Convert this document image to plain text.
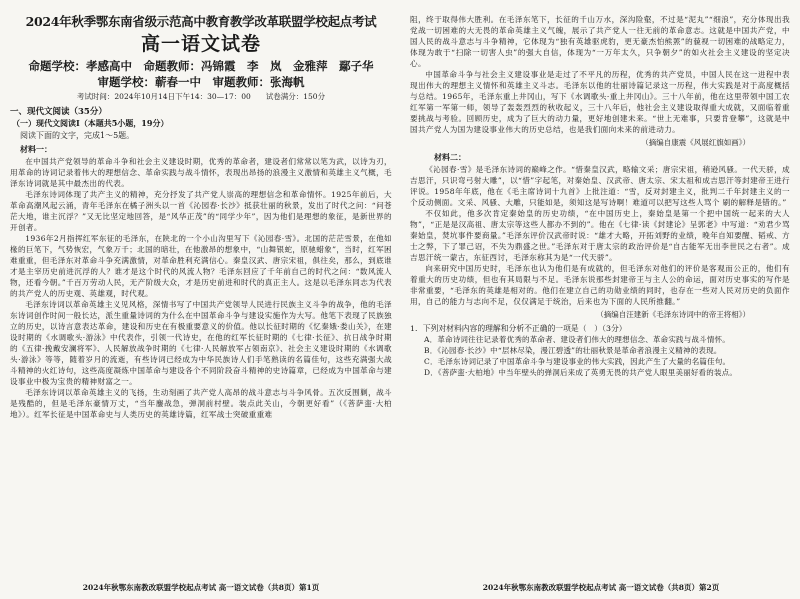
2024年秋季鄂东南省级示范高中教育教学改革联盟学校起点考试
高一语文试卷
命题学校：孝感高中　命题教师：冯锦霞　李　岚　金雅萍　鄢子华
审题学校：蕲春一中　审题教师：张海帆
考试时间：2024年10月14日下午14：30—17：00　　试卷满分：150分
一、现代文阅读（35分）
（一）现代文阅读Ⅰ（本题共5小题，19分）
阅读下面的文字，完成1～5题。
材料一：

在中国共产党领导的革命斗争和社会主义建设时期，优秀的革命者，建设者们常常以笔为武，以诗为刃，用革命的诗词记录着伟大的理想信念、革命实践与战斗情怀，表现出昂扬的浪漫主义激情和英雄主义气概，毛泽东诗词就是其中最杰出的代表。

毛泽东诗词体现了共产主义的精神，充分抒发了共产党人崇高的理想信念和革命情怀。1925年前后，大革命高潮风起云涌，青年毛泽东在橘子洲头以一首《沁园春·长沙》抵获壮丽的秋景，发出了时代之问：“问苍茫大地，谁主沉浮？”又无比坚定地回答，是“风华正茂”的“同学少年”，因为他们是理想的象征，是新世界的开创者。

1936年2月指挥红军东征的毛泽东，在陕北的一个小山沟里写下《沁园春·雪》。北国的茫茫雪景，在他如椽的巨笔下，气势恢宏，气象万千；北国的暗壮，在他激昂的想象中，“山舞银蛇，原驰蜡象”，当时，红军困难重重，但毛泽东对革命斗争充满激情，对革命胜利充满信心。秦皇汉武、唐宗宋祖，俱往矣，那么，到底谁才是主宰历史前进沉浮的人？谁才是这个时代的风流人物？毛泽东回应了千年前自己的时代之问：“数风流人物，还看今朝。”千百万劳动人民，无产阶级大众，才是历史前进和时代的真正主人。这是以毛泽东同志为代表的共产党人的历史观、英雄观，时代观。

毛泽东诗词以革命英雄主义见风格，深情书写了中国共产党领导人民进行民族主义斗争的战争，他的毛泽东诗词创作时间一般长达，派生重量诗词的为什么在中国革命斗争与建设实施作为大写。他笔下表现了民族独立的历史，以诗言意表达革命，建设和历史在有极重要意义的价值。他以长征时期的《忆秦娥·娄山关》，在建设时期的《水调歌头·游泳》中代表作，引领一代诗史，在他的红军长征时期的《七律·长征》、抗日战争时期的《五律·挽戴安澜将军》、人民解放战争时期的《七律·人民解放军占领南京》、社会主义建设时期的《水调歌头·游泳》等等，随着岁月的流逝，有些诗词已经成为中华民族诗人们手笔熟读的名篇佳句，这些充满强大战斗精神的火红诗句，这些高度凝炼中国革命与建设各个不同阶段奋斗精神的史诗篇章，已经成为中国革命与建设事业中极为宝贵的精神财富之一。

毛泽东诗词以革命英雄主义的飞扬，生动刻画了共产党人高昂的战斗意志与斗争风骨。五次反围剿，战斗是残酷的，但是毛泽东豪情万丈，“当年鏖战急，弹洞前村壁。装点此关山，今朝更好看”（《菩萨蛮·大柏地》）。红军长征是中国革命史与人类历史的英雄诗篇，红军战士突破重重难

2024年秋鄂东南教改联盟学校起点考试 高一语文试卷（共8页）第1页

阻，终于取得伟大胜利。在毛泽东笔下，长征的千山万水，深沟险壑，不过是“泥丸”“细浪”，充分体现出我党战一切困难的大无畏的革命英雄主义气魄，展示了共产党人一往无前的革命意志。这就是中国共产党，中国人民的战斗意志与斗争精神，它体现为“独有英雄驱虎豹，更无豪杰怕熊罴”的藐视一切困难的战略定力，体现为敢于“扫除一切害人虫”的强大自信，体现为“一万年太久，只争朝夕”的如火社会主义建设的坚定决心。

中国革命斗争与社会主义建设事业是走过了不平凡的历程，优秀的共产党员，中国人民在这一进程中表现出伟大的理想主义情怀和英雄主义斗志。毛泽东以他的壮丽诗篇记录这一历程，伟大实践是对于高度概括与总结。1965年，毛泽东重上井冈山，写下《水调歌头·重上井冈山》。三十八年前，他在这里带领中国工农红军第一军第一师，领导了轰轰烈烈的秋收起义，三十八年后，他社会主义建设取得重大成就，又面临着重要挑战与考验。回顾历史，成为了巨大的动力量，更好地创建未来。“世上无难事，只要肯登攀”，这就是中国共产党人为国为建设事业伟大的历史总结，也是我们面向未来的前进动力。

（摘编自康震《风展红旗如画》）
材料二：

《沁园春·雪》是毛泽东诗词的巅峰之作。“惜秦皇汉武，略输文采；唐宗宋祖，稍逊风骚。一代天骄，成吉思汗，只识弯弓射大雕”，以“惜”字起笔，对秦始皇、汉武帝、唐太宗、宋太祖和成吉思汗等封建帝王进行评说。1958年年底，他在《毛主席诗词十九首》上批注道：“雪，反对封建主义，批判二千年封建主义的一个反动侧面。文采、风骚、大雕，只能如是，须知这是写诗啊！难道可以把写这些人骂个 刷的解释是错的。”

不仅如此，他多次肯定秦始皇的历史功绩，“在中国历史上，秦始皇是第一个把中国统一起来的大人物”，“正是是汉高祖、唐太宗等这些人都办不到的”。他在《七律·读《封建论》呈郭老》中写道：“劝君少骂秦始皇，焚坑事件要商量。”毛泽东评价汉武帝时说：“雄才大略，开拓刘野的业绩，晚年自知要醒、韬戒、方士之弊，下了罪己诏，不失为鼎盛之世。”毛泽东对于唐太宗的政治评价是“自古能军无出李世民之右者”。成吉思汗统一蒙古，东征西讨，毛泽东称其为是“一代天骄”。

向来研究中国历史时，毛泽东也认为他们是有成就的，但毛泽东对他们的评价是客观而公正的，他们有着重大的历史功绩，但也有其局限与不足。毛泽东说那些封建帝王与主人公的命运，面对历史事实的写作是非常重要，“毛泽东的英雄是相对的。他们在建立自己的功勋业绩的同时，也存在一些对人民对历史的负面作用，自己的能力与志向不足，仅仅满足于统治，后来也为下面的人民所推翻。”

（摘编自汪建新《毛泽东诗词中的帝王将相》）
1．下列对材料内容的理解和分析不正确的一项是（　）（3分）
A．革命诗词往往记录着优秀的革命者、建设者们伟大的理想信念、革命实践与战斗情怀。
B．《沁园春·长沙》中“层林尽染，漫江碧透”的壮丽秋景是革命者浪漫主义精神的表现。
C．毛泽东诗词记录了中国革命斗争与建设事业的伟大实践，因此产生了大量的名篇佳句。
D．《菩萨蛮·大柏地》中当年壁头的弹洞后来成了英勇无畏的共产党人眼里美丽好看的装点。
2024年秋鄂东南教改联盟学校起点考试 高一语文试卷（共8页）第2页
